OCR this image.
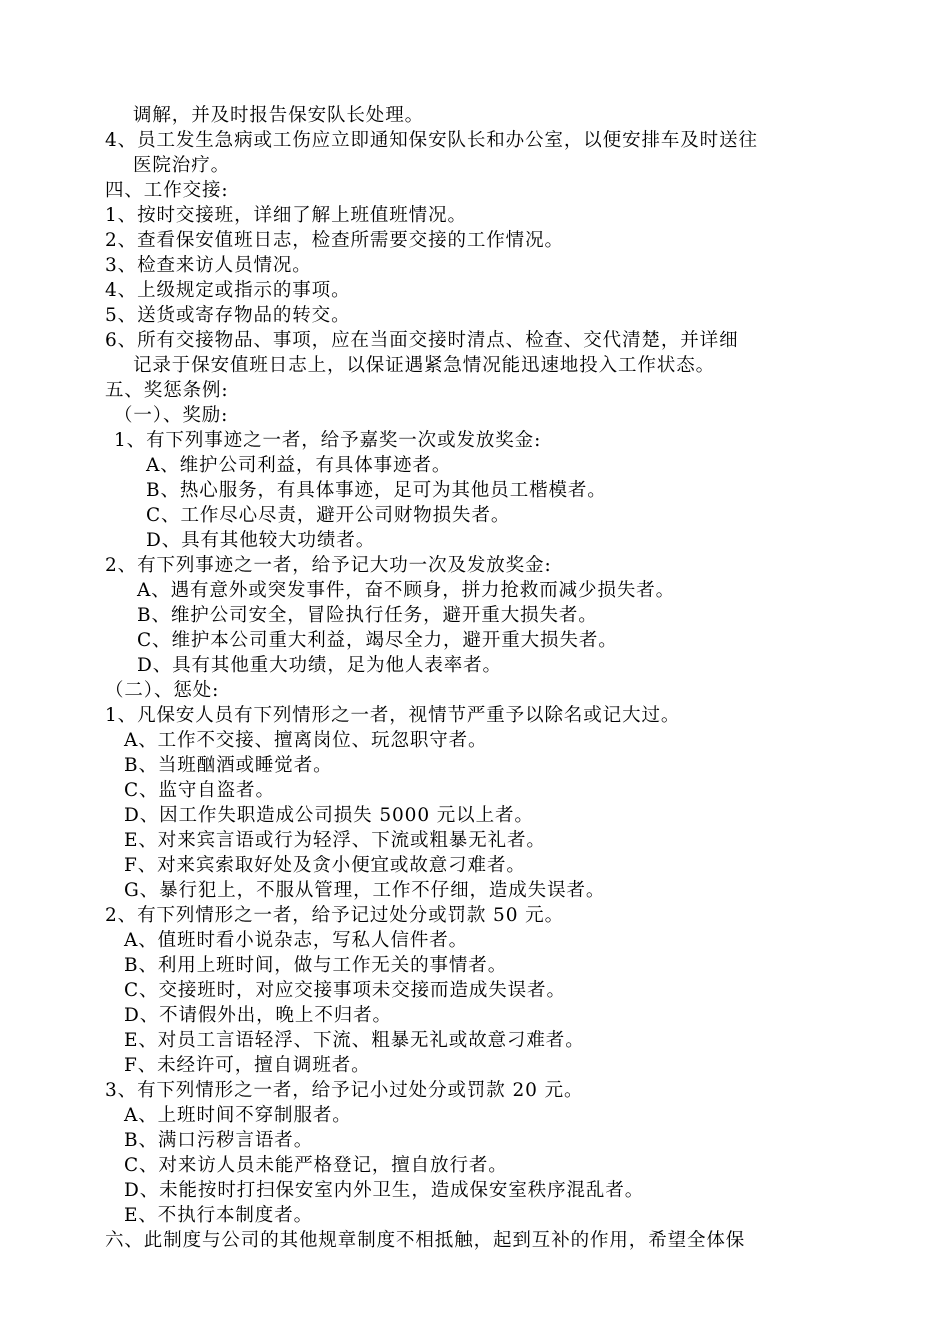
调解，并及时报告保安队长处理。
4、员工发生急病或工伤应立即通知保安队长和办公室，以便安排车及时送往
医院治疗。
四、工作交接:
1、按时交接班，详细了解上班值班情况。
2、查看保安值班日志，检查所需要交接的工作情况。
3、检查来访人员情况。
4、上级规定或指示的事项。
5、送货或寄存物品的转交。
6、所有交接物品、事项，应在当面交接时清点、检查、交代清楚，并详细
记录于保安值班日志上，以保证遇紧急情况能迅速地投入工作状态。
五、奖惩条例:
（一）、奖励:
1、有下列事迹之一者，给予嘉奖一次或发放奖金:
A、维护公司利益，有具体事迹者。
B、热心服务，有具体事迹，足可为其他员工楷模者。
C、工作尽心尽责，避开公司财物损失者。
D、具有其他较大功绩者。
2、有下列事迹之一者，给予记大功一次及发放奖金:
A、遇有意外或突发事件，奋不顾身，拼力抢救而减少损失者。
B、维护公司安全，冒险执行任务，避开重大损失者。
C、维护本公司重大利益，竭尽全力，避开重大损失者。
D、具有其他重大功绩，足为他人表率者。
（二）、惩处:
1、凡保安人员有下列情形之一者，视情节严重予以除名或记大过。
A、工作不交接、擅离岗位、玩忽职守者。
B、当班酗酒或睡觉者。
C、监守自盗者。
D、因工作失职造成公司损失 5000 元以上者。
E、对来宾言语或行为轻浮、下流或粗暴无礼者。
F、对来宾索取好处及贪小便宜或故意刁难者。
G、暴行犯上，不服从管理，工作不仔细，造成失误者。
2、有下列情形之一者，给予记过处分或罚款 50 元。
A、值班时看小说杂志，写私人信件者。
B、利用上班时间，做与工作无关的事情者。
C、交接班时，对应交接事项未交接而造成失误者。
D、不请假外出，晚上不归者。
E、对员工言语轻浮、下流、粗暴无礼或故意刁难者。
F、未经许可，擅自调班者。
3、有下列情形之一者，给予记小过处分或罚款 20 元。
A、上班时间不穿制服者。
B、满口污秽言语者。
C、对来访人员未能严格登记，擅自放行者。
D、未能按时打扫保安室内外卫生，造成保安室秩序混乱者。
E、不执行本制度者。
六、此制度与公司的其他规章制度不相抵触，起到互补的作用，希望全体保
